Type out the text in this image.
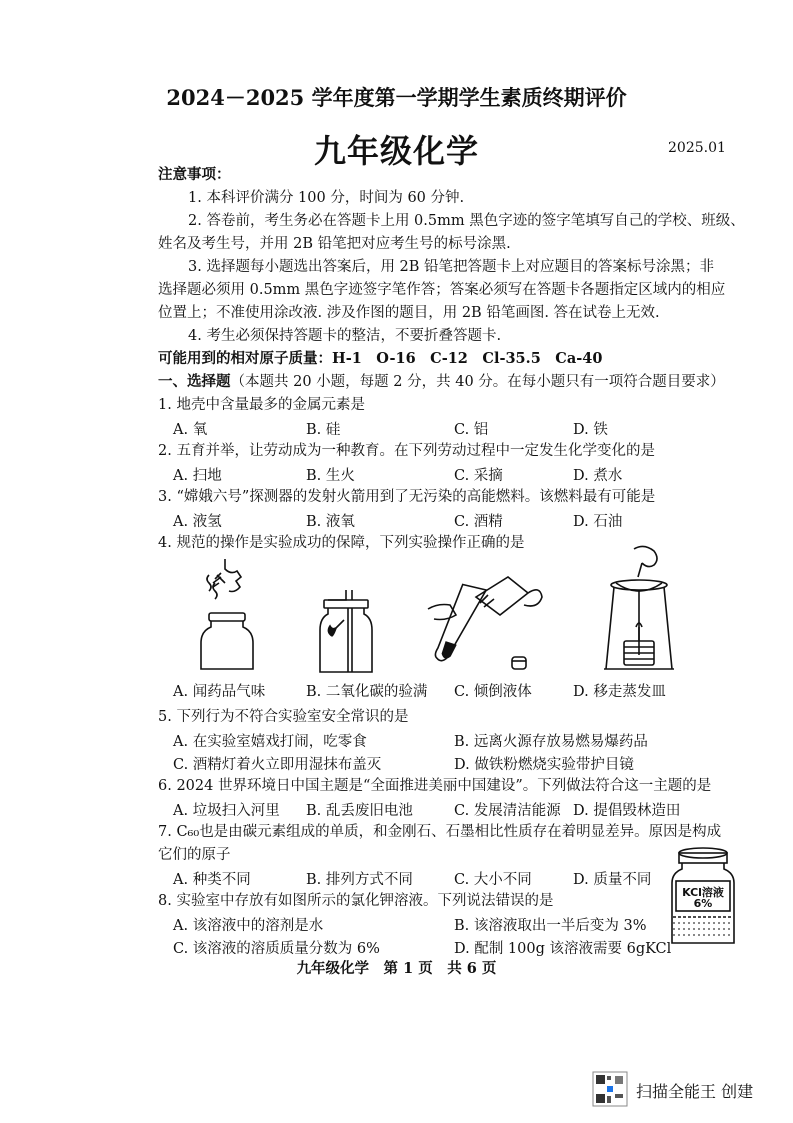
2024－2025 学年度第一学期学生素质终期评价
九年级化学	2025.01
注意事项：
1. 本科评价满分 100 分，时间为 60 分钟.
2. 答卷前，考生务必在答题卡上用 0.5mm 黑色字迹的签字笔填写自己的学校、班级、
姓名及考生号，并用 2B 铅笔把对应考生号的标号涂黑.
3. 选择题每小题选出答案后，用 2B 铅笔把答题卡上对应题目的答案标号涂黑；非
选择题必须用 0.5mm 黑色字迹签字笔作答；答案必须写在答题卡各题指定区域内的相应
位置上；不准使用涂改液. 涉及作图的题目，用 2B 铅笔画图. 答在试卷上无效.
4. 考生必须保持答题卡的整洁，不要折叠答题卡.
可能用到的相对原子质量：H-1　O-16　C-12　Cl-35.5　Ca-40
一、选择题（本题共 20 小题，每题 2 分，共 40 分。在每小题只有一项符合题目要求）
1. 地壳中含量最多的金属元素是
A. 氧	B. 硅	C. 铝	D. 铁
2. 五育并举，让劳动成为一种教育。在下列劳动过程中一定发生化学变化的是
A. 扫地	B. 生火	C. 采摘	D. 煮水
3. “嫦娥六号”探测器的发射火箭用到了无污染的高能燃料。该燃料最有可能是
A. 液氢	B. 液氧	C. 酒精	D. 石油
4. 规范的操作是实验成功的保障，下列实验操作正确的是
A. 闻药品气味	B. 二氧化碳的验满 C. 倾倒液体	D. 移走蒸发皿
5. 下列行为不符合实验室安全常识的是
A. 在实验室嬉戏打闹，吃零食	B. 远离火源存放易燃易爆药品
C. 酒精灯着火立即用湿抹布盖灭	D. 做铁粉燃烧实验带护目镜
6. 2024 世界环境日中国主题是“全面推进美丽中国建设”。下列做法符合这一主题的是
A. 垃圾扫入河里 B. 乱丢废旧电池	C. 发展清洁能源 D. 提倡毁林造田
7. C₆₀也是由碳元素组成的单质，和金刚石、石墨相比性质存在着明显差异。原因是构成
它们的原子
A. 种类不同	B. 排列方式不同	C. 大小不同	D. 质量不同
8. 实验室中存放有如图所示的氯化钾溶液。下列说法错误的是
A. 该溶液中的溶剂是水	B. 该溶液取出一半后变为 3%
C. 该溶液的溶质质量分数为 6%	D. 配制 100g 该溶液需要 6gKCl
KCl溶液
6%
九年级化学　第 1 页　共 6 页
扫描全能王 创建
